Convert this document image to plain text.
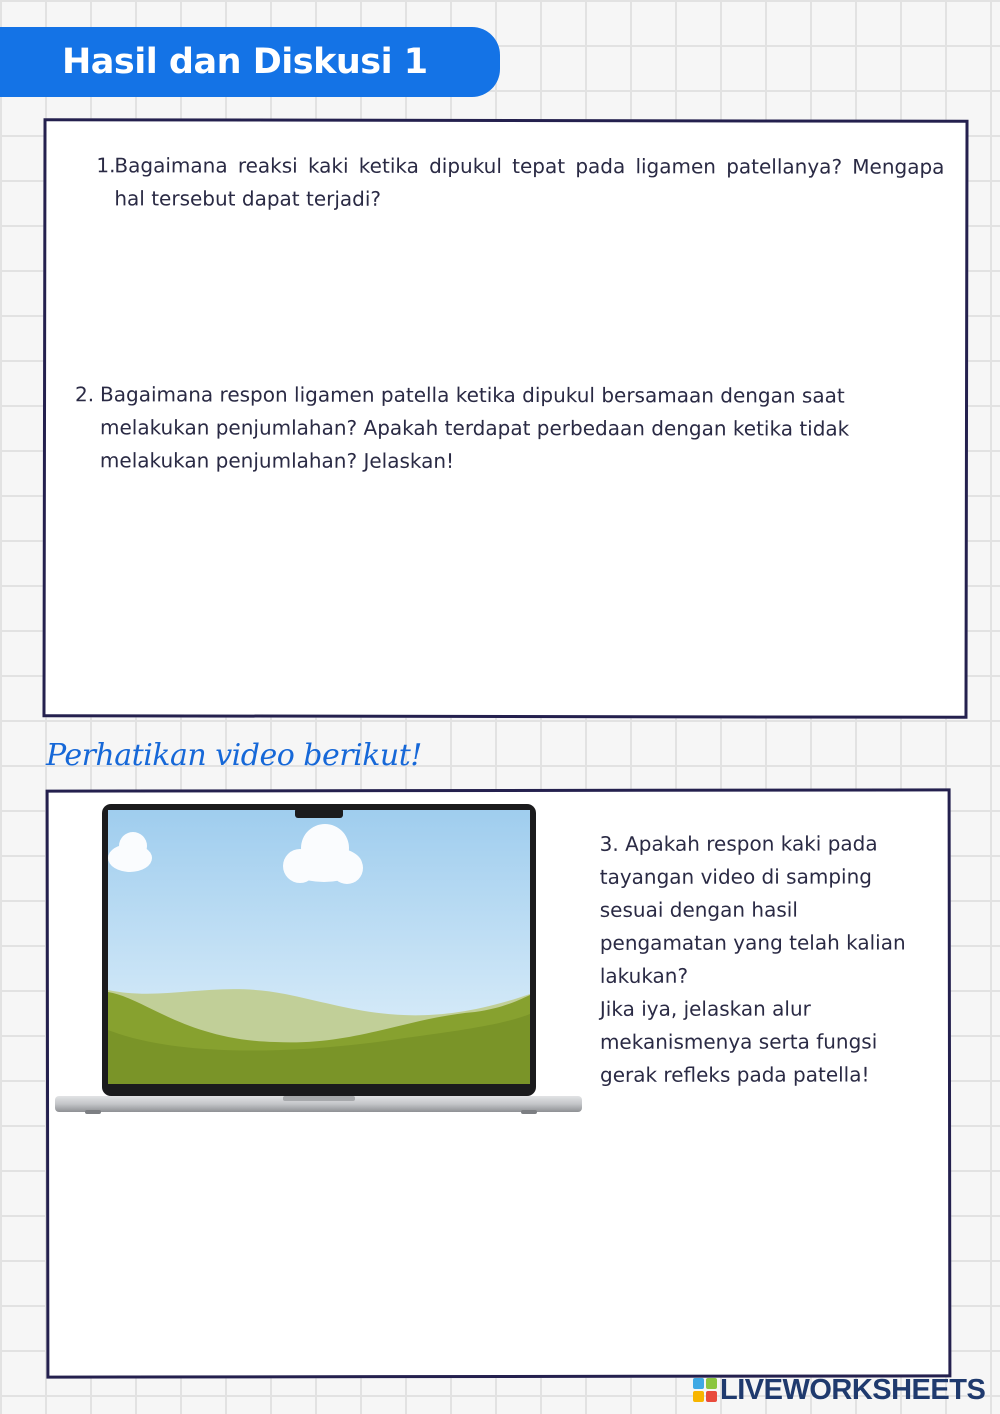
Hasil dan Diskusi 1
1.
Bagaimana reaksi kaki ketika dipukul tepat pada ligamen patellanya? Mengapa hal tersebut dapat terjadi?
2. Bagaimana respon ligamen patella ketika dipukul bersamaan dengan saat melakukan penjumlahan? Apakah terdapat perbedaan dengan ketika tidak melakukan penjumlahan? Jelaskan!
Perhatikan video berikut!
3. Apakah respon kaki pada tayangan video di samping sesuai dengan hasil pengamatan yang telah kalian lakukan?
Jika iya, jelaskan alur mekanismenya serta fungsi gerak refleks pada patella!
LIVEWORKSHEETS
